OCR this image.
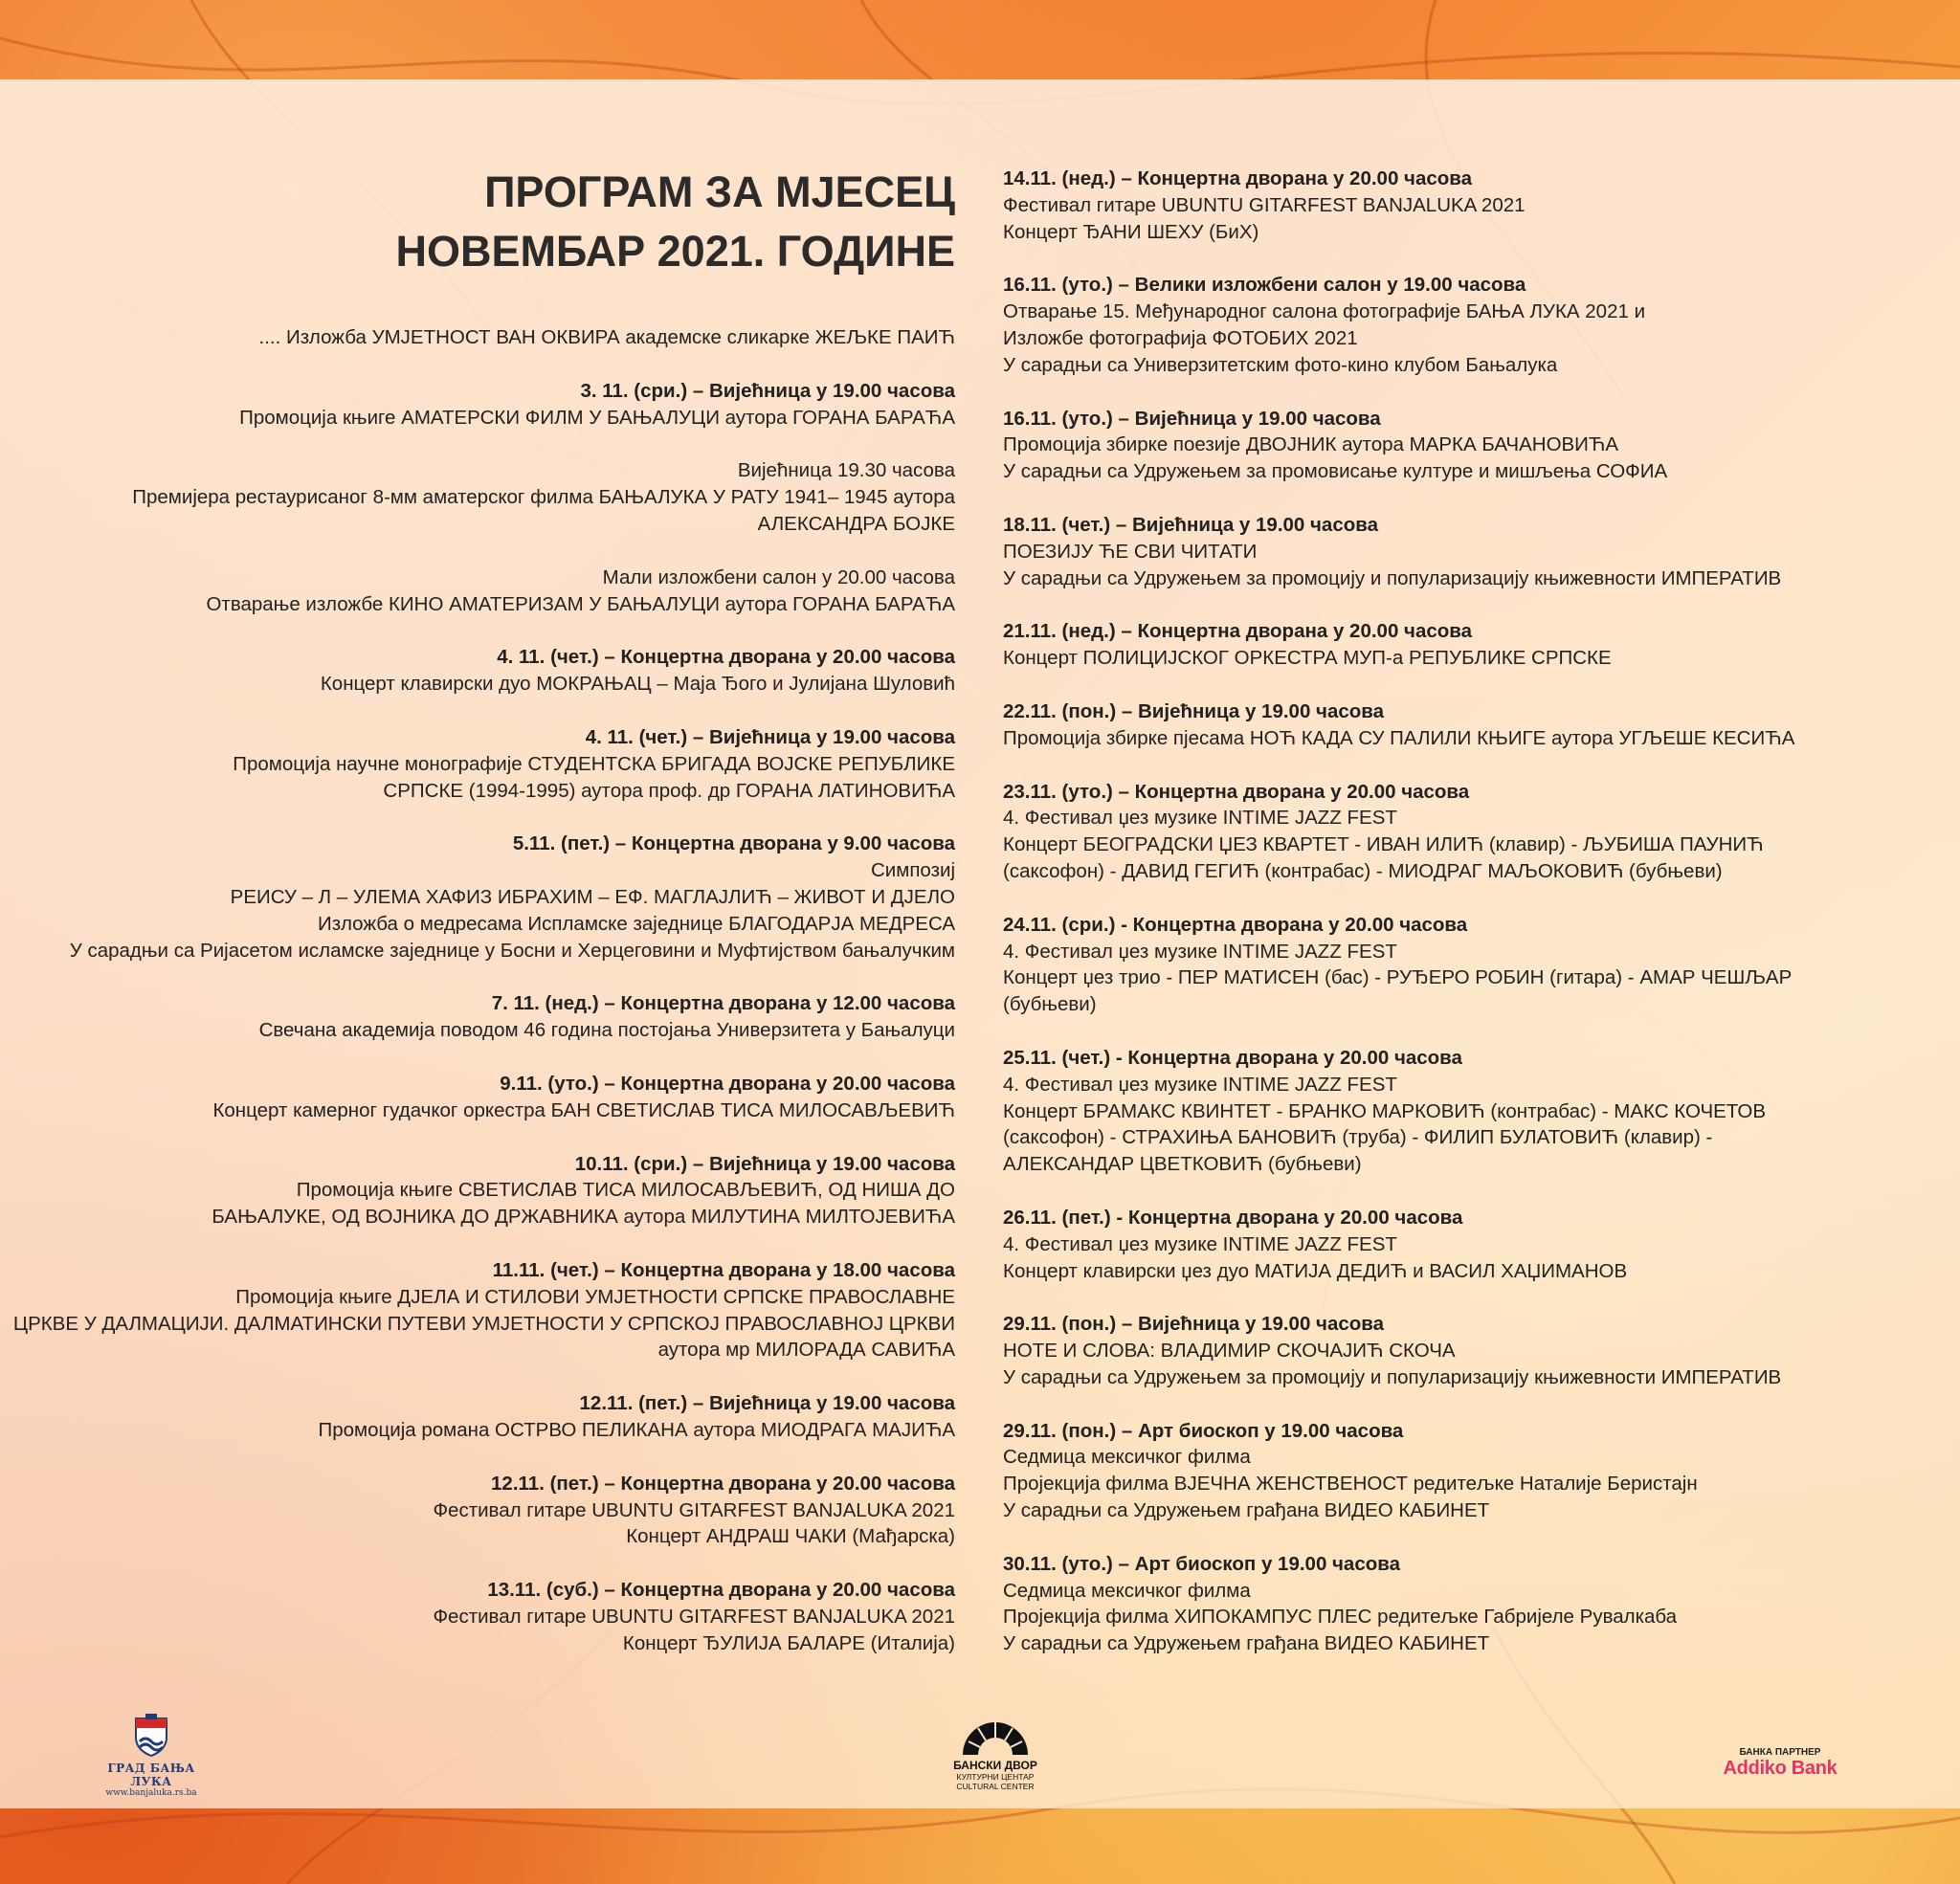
ПРОГРАМ ЗА МЈЕСЕЦ
НОВЕМБАР 2021. ГОДИНЕ
.... Изложба УМЈЕТНОСТ ВАН ОКВИРА академске сликарке ЖЕЉКЕ ПАИЋ
3. 11. (сри.) – Вијећница у 19.00 часова
Промоција књиге АМАТЕРСКИ ФИЛМ У БАЊАЛУЦИ аутора ГОРАНА БАРАЋА
Вијећница 19.30 часова
Премијера рестаурисаног 8-мм аматерског филма БАЊАЛУКА У РАТУ 1941– 1945 аутора
АЛЕКСАНДРА БОЈКЕ
Мали изложбени салон у 20.00 часова
Отварање изложбе КИНО АМАТЕРИЗАМ У БАЊАЛУЦИ аутора ГОРАНА БАРАЋА
4. 11. (чет.) – Концертна дворана у 20.00 часова
Концерт клавирски дуо МОКРАЊАЦ – Маја Ђого и Јулијана Шуловић
4. 11. (чет.) – Вијећница у 19.00 часова
Промоција научне монографије СТУДЕНТСКА БРИГАДА ВОЈСКЕ РЕПУБЛИКЕ
СРПСКЕ (1994-1995) аутора проф. др ГОРАНА ЛАТИНОВИЋА
5.11. (пет.) – Концертна дворана у 9.00 часова
Симпозиј
РЕИСУ – Л – УЛЕМА ХАФИЗ ИБРАХИМ – ЕФ. МАГЛАЈЛИЋ – ЖИВОТ И ДЈЕЛО
Изложба о медресама Испламске заједнице БЛАГОДАРЈА МЕДРЕСА
У сарадњи са Ријасетом исламске заједнице у Босни и Херцеговини и Муфтијством бањалучким
7. 11. (нед.) – Концертна дворана у 12.00 часова
Свечана академија поводом 46 година постојања Универзитета у Бањалуци
9.11. (уто.) – Концертна дворана у 20.00 часова
Концерт камерног гудачког оркестра БАН СВЕТИСЛАВ ТИСА МИЛОСАВЉЕВИЋ
10.11. (сри.) – Вијећница у 19.00 часова
Промоција књиге СВЕТИСЛАВ ТИСА МИЛОСАВЉЕВИЋ, ОД НИША ДО
БАЊАЛУКЕ, ОД ВОЈНИКА ДО ДРЖАВНИКА аутора МИЛУТИНА МИЛТОЈЕВИЋА
11.11. (чет.) – Концертна дворана у 18.00 часова
Промоција књиге ДЈЕЛА И СТИЛОВИ УМЈЕТНОСТИ СРПСКЕ ПРАВОСЛАВНЕ
ЦРКВЕ У ДАЛМАЦИЈИ. ДАЛМАТИНСКИ ПУТЕВИ УМЈЕТНОСТИ У СРПСКОЈ ПРАВОСЛАВНОЈ ЦРКВИ
аутора мр МИЛОРАДА САВИЋА
12.11. (пет.) – Вијећница у 19.00 часова
Промоција романа ОСТРВО ПЕЛИКАНА аутора МИОДРАГА МАЈИЋА
12.11. (пет.) – Концертна дворана у 20.00 часова
Фестивал гитаре UBUNTU GITARFEST BANJALUKA 2021
Концерт АНДРАШ ЧАКИ (Мађарска)
13.11. (суб.) – Концертна дворана у 20.00 часова
Фестивал гитаре UBUNTU GITARFEST BANJALUKA 2021
Концерт ЂУЛИЈА БАЛАРЕ (Италија)
14.11. (нед.) – Концертна дворана у 20.00 часова
Фестивал гитаре UBUNTU GITARFEST BANJALUKA 2021
Концерт ЂАНИ ШЕХУ (БиХ)
16.11. (уто.) – Велики изложбени салон у 19.00 часова
Отварање 15. Међународног салона фотографије БАЊА ЛУКА 2021 и
Изложбе фотографија ФОТОБИХ 2021
У сарадњи са Универзитетским фото-кино клубом Бањалука
16.11. (уто.) – Вијећница у 19.00 часова
Промоција збирке поезије ДВОЈНИК аутора МАРКА БАЧАНОВИЋА
У сарадњи са Удружењем за промовисање културе и мишљења СОФИА
18.11. (чет.) – Вијећница у 19.00 часова
ПОЕЗИЈУ ЋЕ СВИ ЧИТАТИ
У сарадњи са Удружењем за промоцију и популаризацију књижевности ИМПЕРАТИВ
21.11. (нед.) – Концертна дворана у 20.00 часова
Концерт ПОЛИЦИЈСКОГ ОРКЕСТРА МУП-а РЕПУБЛИКЕ СРПСКЕ
22.11. (пон.) – Вијећница у 19.00 часова
Промоција збирке пјесама НОЋ КАДА СУ ПАЛИЛИ КЊИГЕ аутора УГЉЕШЕ КЕСИЋА
23.11. (уто.) – Концертна дворана у 20.00 часова
4. Фестивал џез музике INTIME JAZZ FEST
Концерт БЕОГРАДСКИ ЏЕЗ КВАРТЕТ - ИВАН ИЛИЋ (клавир) - ЉУБИША ПАУНИЋ
(саксофон) - ДАВИД ГЕГИЋ (контрабас) - МИОДРАГ МАЉОКОВИЋ (бубњеви)
24.11. (сри.) - Концертна дворана у 20.00 часова
4. Фестивал џез музике INTIME JAZZ FEST
Концерт џез трио - ПЕР МАТИСЕН (бас) - РУЂЕРО РОБИН (гитара) - АМАР ЧЕШЉАР
(бубњеви)
25.11. (чет.) - Концертна дворана у 20.00 часова
4. Фестивал џез музике INTIME JAZZ FEST
Концерт БРАМАКС КВИНТЕТ - БРАНКО МАРКОВИЋ (контрабас) - МАКС КОЧЕТОВ
(саксофон) - СТРАХИЊА БАНОВИЋ (труба) - ФИЛИП БУЛАТОВИЋ (клавир) -
АЛЕКСАНДАР ЦВЕТКОВИЋ (бубњеви)
26.11. (пет.) - Концертна дворана у 20.00 часова
4. Фестивал џез музике INTIME JAZZ FEST
Концерт клавирски џез дуо МАТИЈА ДЕДИЋ и ВАСИЛ ХАЏИМАНОВ
29.11. (пон.) – Вијећница у 19.00 часова
НОТЕ И СЛОВА: ВЛАДИМИР СКОЧАЈИЋ СКОЧА
У сарадњи са Удружењем за промоцију и популаризацију књижевности ИМПЕРАТИВ
29.11. (пон.) – Арт биоскоп у 19.00 часова
Седмица мексичког филма
Пројекција филма ВЈЕЧНА ЖЕНСТВЕНОСТ редитељке Наталије Беристајн
У сарадњи са Удружењем грађана ВИДЕО КАБИНЕТ
30.11. (уто.) – Арт биоскоп у 19.00 часова
Седмица мексичког филма
Пројекција филма ХИПОКАМПУС ПЛЕС редитељке Габријеле Рувалкаба
У сарадњи са Удружењем грађана ВИДЕО КАБИНЕТ
ГРАД БАЊА ЛУКА
www.banjaluka.rs.ba
БАНСКИ ДВОР
КУЛТУРНИ ЦЕНТАР
CULTURAL CENTER
БАНКА ПАРТНЕР
Addiko Bank
